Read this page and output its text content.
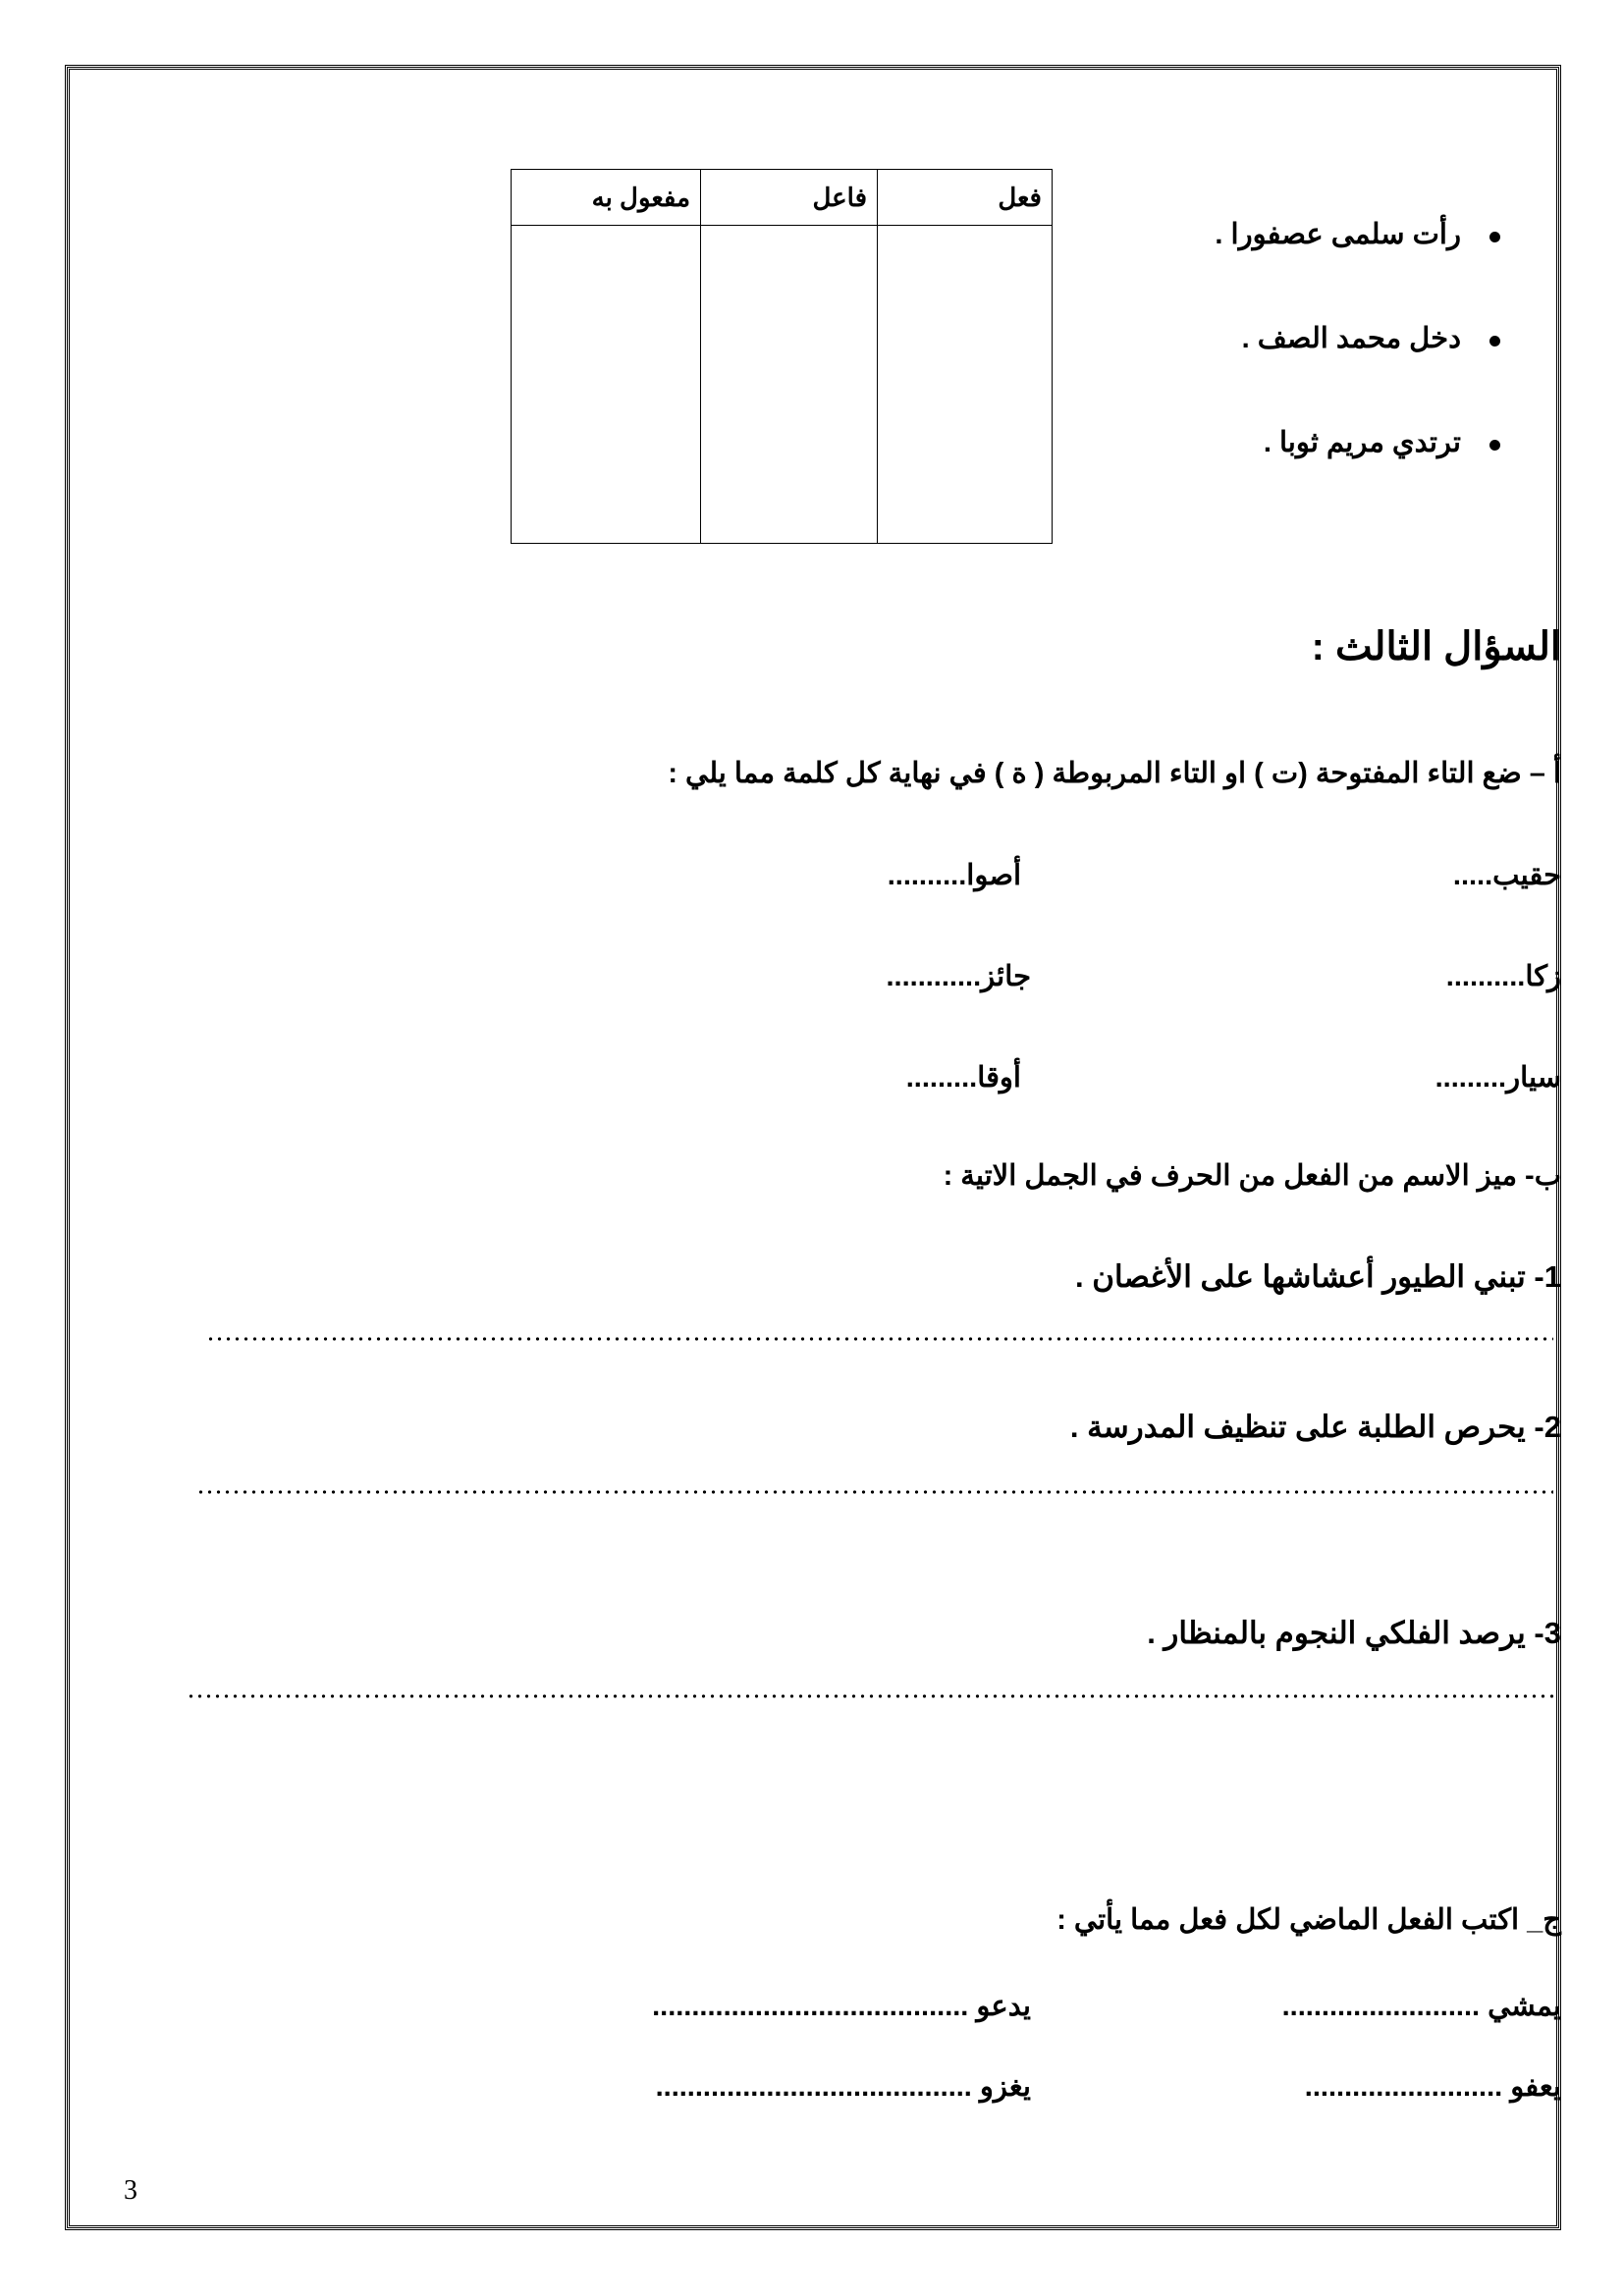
رأت سلمى عصفورا .
دخل محمد الصف .
ترتدي مريم ثوبا .
فعل	فاعل	مفعول به

السؤال الثالث :
أ – ضع التاء المفتوحة (ت ) او التاء المربوطة ( ة ) في نهاية كل كلمة مما يلي :
حقيب.....
أصوا..........
زكا..........
جائز............
سيار.........
أوقا.........
ب- ميز الاسم من الفعل من الحرف في الجمل الاتية :
1- تبني الطيور أعشاشها على الأغصان .
2- يحرص الطلبة على تنظيف المدرسة .
3- يرصد الفلكي النجوم بالمنظار .
ج_ اكتب الفعل الماضي لكل فعل مما يأتي :
يمشي .........................
يدعو ........................................
يعفو .........................
يغزو ........................................
3
